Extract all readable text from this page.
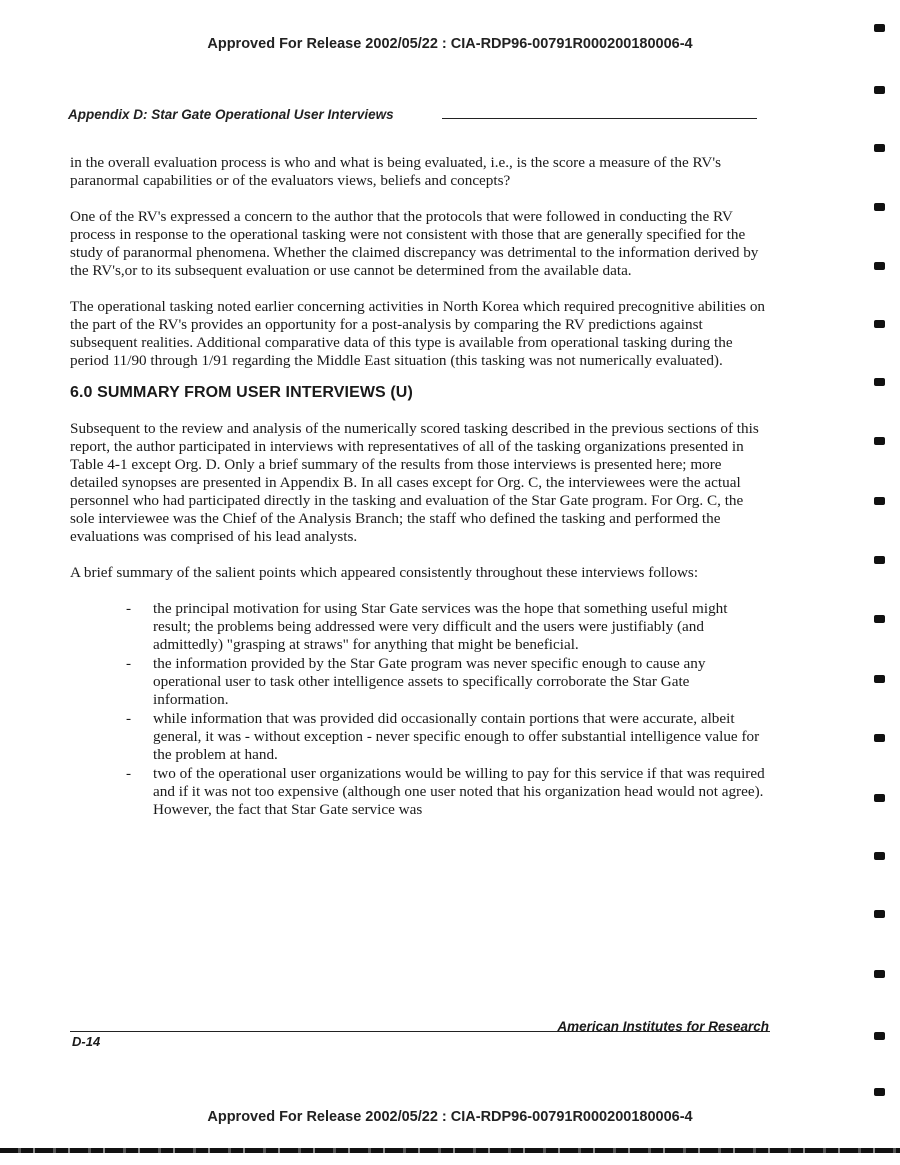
Approved For Release 2002/05/22 : CIA-RDP96-00791R000200180006-4
Appendix D: Star Gate Operational User Interviews

in the overall evaluation process is who and what is being evaluated, i.e., is the score a measure of the RV's paranormal capabilities or of the evaluators views, beliefs and concepts?

One of the RV's expressed a concern to the author that the protocols that were followed in conducting the RV process in response to the operational tasking were not consistent with those that are generally specified for the study of paranormal phenomena. Whether the claimed discrepancy was detrimental to the information derived by the RV's,or to its subsequent evaluation or use cannot be determined from the available data.

The operational tasking noted earlier concerning activities in North Korea which required precognitive abilities on the part of the RV's provides an opportunity for a post-analysis by comparing the RV predictions against subsequent realities. Additional comparative data of this type is available from operational tasking during the period 11/90 through 1/91 regarding the Middle East situation (this tasking was not numerically evaluated).

6.0 SUMMARY FROM USER INTERVIEWS (U)

Subsequent to the review and analysis of the numerically scored tasking described in the previous sections of this report, the author participated in interviews with representatives of all of the tasking organizations presented in Table 4-1 except Org. D. Only a brief summary of the results from those interviews is presented here; more detailed synopses are presented in Appendix B. In all cases except for Org. C, the interviewees were the actual personnel who had participated directly in the tasking and evaluation of the Star Gate program. For Org. C, the sole interviewee was the Chief of the Analysis Branch; the staff who defined the tasking and performed the evaluations was comprised of his lead analysts.

A brief summary of the salient points which appeared consistently throughout these interviews follows:

- the principal motivation for using Star Gate services was the hope that something useful might result; the problems being addressed were very difficult and the users were justifiably (and admittedly) "grasping at straws" for anything that might be beneficial.
- the information provided by the Star Gate program was never specific enough to cause any operational user to task other intelligence assets to specifically corroborate the Star Gate information.
- while information that was provided did occasionally contain portions that were accurate, albeit general, it was - without exception - never specific enough to offer substantial intelligence value for the problem at hand.
- two of the operational user organizations would be willing to pay for this service if that was required and if it was not too expensive (although one user noted that his organization head would not agree). However, the fact that Star Gate service was
American Institutes for Research
D-14
Approved For Release 2002/05/22 : CIA-RDP96-00791R000200180006-4
